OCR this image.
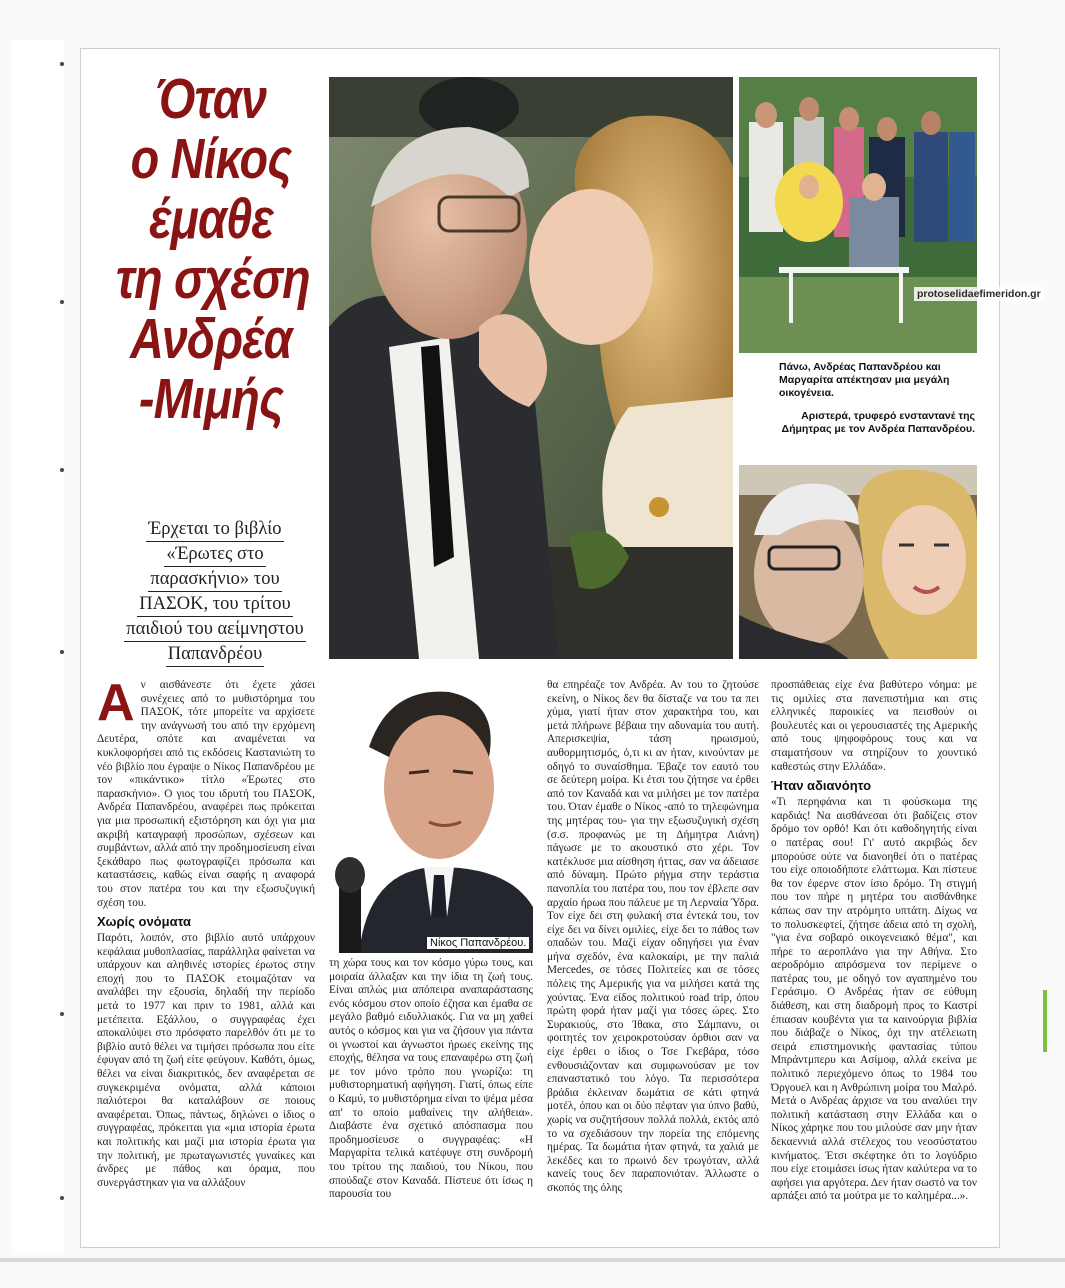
Όταν
ο Νίκος
έμαθε
τη σχέση
Ανδρέα
-Μιμής
Έρχεται το βιβλίο
«Έρωτες στο
παρασκήνιο» του
ΠΑΣΟΚ, του τρίτου
παιδιού του αείμνηστου
Παπανδρέου
protoselidaefimeridon.gr

Πάνω, Ανδρέας Παπανδρέου και Μαργαρίτα απέκτησαν μια μεγάλη οικογένεια.

Αριστερά, τρυφερό ενσταντανέ της Δήμητρας με τον Ανδρέα Παπανδρέου.

Νίκος Παπανδρέου.
Α ν αισθάνεστε ότι έχετε χάσει συνέχειες από το μυθιστόρημα του ΠΑΣΟΚ, τότε μπορείτε να αρχίσετε την ανάγνωσή του από την ερχόμενη Δευτέρα, οπότε και αναμένεται να κυκλοφορήσει από τις εκδόσεις Καστανιώτη το νέο βιβλίο που έγραψε ο Νίκος Παπανδρέου με τον «πικάντικο» τίτλο «Έρωτες στο παρασκήνιο». Ο γιος του ιδρυτή του ΠΑΣΟΚ, Ανδρέα Παπανδρέου, αναφέρει πως πρόκειται για μια προσωπική εξιστόρηση και όχι για μια ακριβή καταγραφή προσώπων, σχέσεων και συμβάντων, αλλά από την προδημοσίευση είναι ξεκάθαρο πως φωτογραφίζει πρόσωπα και καταστάσεις, καθώς είναι σαφής η αναφορά του στον πατέρα του και την εξωσυζυγική σχέση του.

Χωρίς ονόματα

Παρότι, λοιπόν, στο βιβλίο αυτό υπάρχουν κεφάλαια μυθοπλασίας, παράλληλα φαίνεται να υπάρχουν και αληθινές ιστορίες έρωτος στην εποχή που το ΠΑΣΟΚ ετοιμαζόταν να αναλάβει την εξουσία, δηλαδή την περίοδο μετά το 1977 και πριν το 1981, αλλά και μετέπειτα. Εξάλλου, ο συγγραφέας έχει αποκαλύψει στο πρόσφατο παρελθόν ότι με το βιβλίο αυτό θέλει να τιμήσει πρόσωπα που είτε έφυγαν από τη ζωή είτε φεύγουν. Καθότι, όμως, θέλει να είναι διακριτικός, δεν αναφέρεται σε συγκεκριμένα ονόματα, αλλά κάποιοι παλιότεροι θα καταλάβουν σε ποιους αναφέρεται. Όπως, πάντως, δηλώνει ο ίδιος ο συγγραφέας, πρόκειται για «μια ιστορία έρωτα και πολιτικής και μαζί μια ιστορία έρωτα για την πολιτική, με πρωταγωνιστές γυναίκες και άνδρες με πάθος και όραμα, που συνεργάστηκαν για να αλλάξουν

τη χώρα τους και τον κόσμο γύρω τους, και μοιραία άλλαξαν και την ίδια τη ζωή τους. Είναι απλώς μια απόπειρα αναπαράστασης ενός κόσμου στον οποίο έζησα και έμαθα σε μεγάλο βαθμό ειδυλλιακός. Για να μη χαθεί αυτός ο κόσμος και για να ζήσουν για πάντα οι γνωστοί και άγνωστοι ήρωες εκείνης της εποχής, θέλησα να τους επαναφέρω στη ζωή με τον μόνο τρόπο που γνωρίζω: τη μυθιστορηματική αφήγηση. Γιατί, όπως είπε ο Καμύ, το μυθιστόρημα είναι το ψέμα μέσα απ' το οποίο μαθαίνεις την αλήθεια». Διαβάστε ένα σχετικό απόσπασμα που προδημοσίευσε ο συγγραφέας: «Η Μαργαρίτα τελικά κατέφυγε στη συνδρομή του τρίτου της παιδιού, του Νίκου, που σπούδαζε στον Καναδά. Πίστευε ότι ίσως η παρουσία του

θα επηρέαζε τον Ανδρέα. Αν του το ζητούσε εκείνη, ο Νίκος δεν θα δίσταζε να του τα πει χύμα, γιατί ήταν στον χαρακτήρα του, και μετά πλήρωνε βέβαια την αδυναμία του αυτή. Απερισκεψία, τάση ηρωισμού, αυθορμητισμός, ό,τι κι αν ήταν, κινούνταν με οδηγό το συναίσθημα. Έβαζε τον εαυτό του σε δεύτερη μοίρα. Κι έτσι του ζήτησε να έρθει από τον Καναδά και να μιλήσει με τον πατέρα του. Όταν έμαθε ο Νίκος -από το τηλεφώνημα της μητέρας του- για την εξωσυζυγική σχέση (σ.σ. προφανώς με τη Δήμητρα Λιάνη) πάγωσε με το ακουστικό στο χέρι. Τον κατέκλυσε μια αίσθηση ήττας, σαν να άδειασε από δύναμη. Πρώτο ρήγμα στην τεράστια πανοπλία του πατέρα του, που τον έβλεπε σαν αρχαίο ήρωα που πάλευε με τη Λερναία Ύδρα. Τον είχε δει στη φυλακή στα έντεκά του, τον είχε δει να δίνει ομιλίες, είχε δει το πάθος των οπαδών του. Μαζί είχαν οδηγήσει για έναν μήνα σχεδόν, ένα καλοκαίρι, με την παλιά Mercedes, σε τόσες Πολιτείες και σε τόσες πόλεις της Αμερικής για να μιλήσει κατά της χούντας. Ένα είδος πολιτικού road trip, όπου πρώτη φορά ήταν μαζί για τόσες ώρες. Στο Συρακιούς, στο Ίθακα, στο Σάμπανυ, οι φοιτητές τον χειροκροτούσαν όρθιοι σαν να είχε έρθει ο ίδιος ο Τσε Γκεβάρα, τόσο ενθουσιάζονταν και συμφωνούσαν με τον επαναστατικό του λόγο. Τα περισσότερα βράδια έκλειναν δωμάτια σε κάτι φτηνά μοτέλ, όπου και οι δύο πέφταν για ύπνο βαθύ, χωρίς να συζητήσουν πολλά πολλά, εκτός από το να σχεδιάσουν την πορεία της επόμενης ημέρας. Τα δωμάτια ήταν φτηνά, τα χαλιά με λεκέδες και το πρωινό δεν τρωγόταν, αλλά κανείς τους δεν παραπονιόταν. Άλλωστε ο σκοπός της όλης

προσπάθειας είχε ένα βαθύτερο νόημα: με τις ομιλίες στα πανεπιστήμια και στις ελληνικές παροικίες να πεισθούν οι βουλευτές και οι γερουσιαστές της Αμερικής από τους ψηφοφόρους τους και να σταματήσουν να στηρίζουν το χουντικό καθεστώς στην Ελλάδα».

Ήταν αδιανόητο

«Τι περηφάνια και τι φούσκωμα της καρδιάς! Να αισθάνεσαι ότι βαδίζεις στον δρόμο τον ορθό! Και ότι καθοδηγητής είναι ο πατέρας σου! Γι' αυτό ακριβώς δεν μπορούσε ούτε να διανοηθεί ότι ο πατέρας του είχε οποιοδήποτε ελάττωμα. Και πίστευε θα τον έφερνε στον ίσιο δρόμο. Τη στιγμή που τον πήρε η μητέρα του αισθάνθηκε κάπως σαν την ατρόμητο υπτάτη. Δίχως να το πολυσκεφτεί, ζήτησε άδεια από τη σχολή, "για ένα σοβαρό οικογενειακό θέμα", και πήρε το αεροπλάνο για την Αθήνα. Στο αεροδρόμιο απρόσμενα τον περίμενε ο πατέρας του, με οδηγό τον αγαπημένο του Γεράσιμο. Ο Ανδρέας ήταν σε εύθυμη διάθεση, και στη διαδρομή προς το Καστρί έπιασαν κουβέντα για τα καινούργια βιβλία που διάβαζε ο Νίκος, όχι την ατέλειωτη σειρά επιστημονικής φαντασίας τύπου Μπράντμπερυ και Ασίμοφ, αλλά εκείνα με πολιτικό περιεχόμενο όπως το 1984 του Όργουελ και η Ανθρώπινη μοίρα του Μαλρό. Μετά ο Ανδρέας άρχισε να του αναλύει την πολιτική κατάσταση στην Ελλάδα και ο Νίκος χάρηκε που του μιλούσε σαν μην ήταν δεκαεννιά αλλά στέλεχος του νεοσύστατου κινήματος. Έτσι σκέφτηκε ότι το λογύδριο που είχε ετοιμάσει ίσως ήταν καλύτερα να το αφήσει για αργότερα. Δεν ήταν σωστό να τον αρπάξει από τα μούτρα με το καλημέρα...».
